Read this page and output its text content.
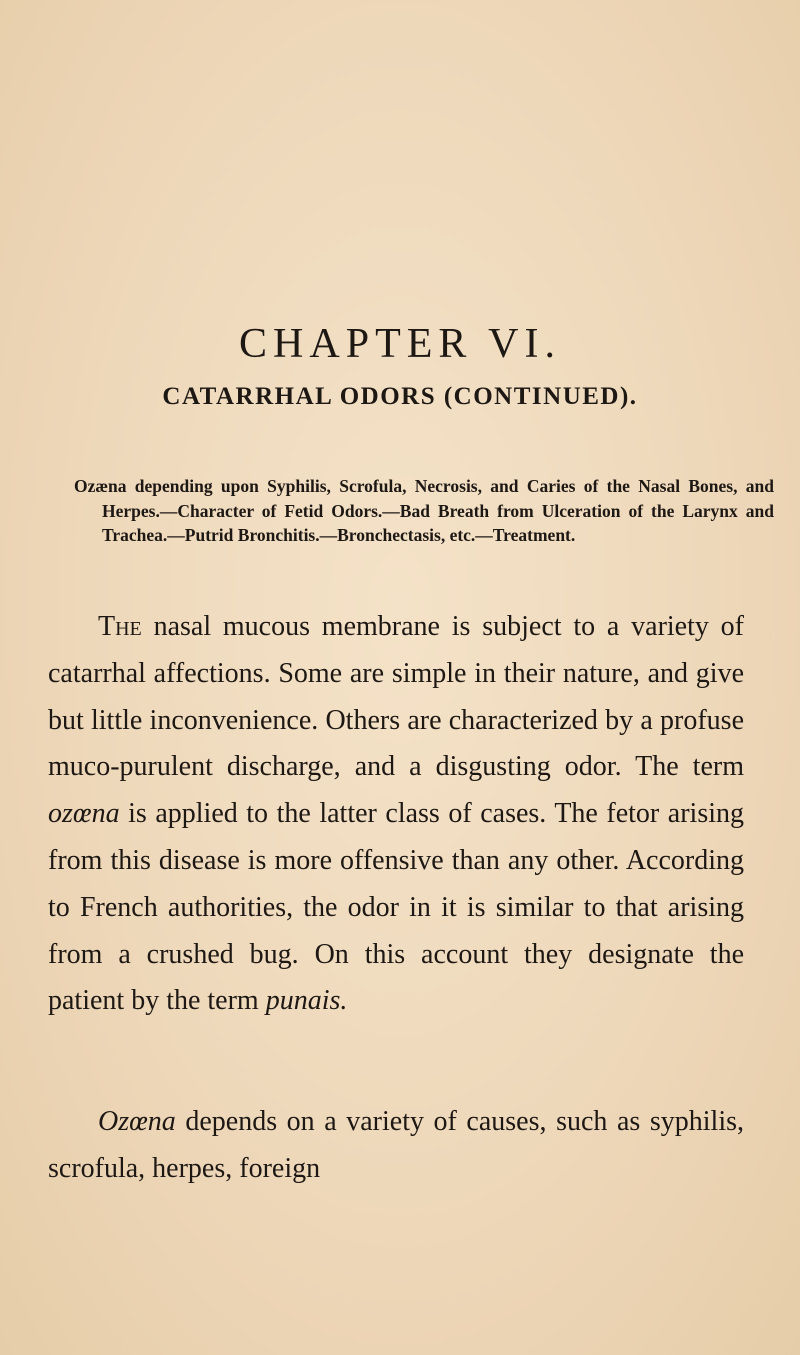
CHAPTER VI.
CATARRHAL ODORS (CONTINUED).

Ozæna depending upon Syphilis, Scrofula, Necrosis, and Caries of the Nasal Bones, and Herpes.—Character of Fetid Odors.—Bad Breath from Ulceration of the Larynx and Trachea.—Putrid Bronchitis.—Bronchectasis, etc.—Treatment.

The nasal mucous membrane is subject to a variety of catarrhal affections. Some are simple in their nature, and give but little inconvenience. Others are characterized by a profuse muco-purulent discharge, and a disgusting odor. The term ozœna is applied to the latter class of cases. The fetor arising from this disease is more offensive than any other. According to French authorities, the odor in it is similar to that arising from a crushed bug. On this account they designate the patient by the term punais.

Ozœna depends on a variety of causes, such as syphilis, scrofula, herpes, foreign
